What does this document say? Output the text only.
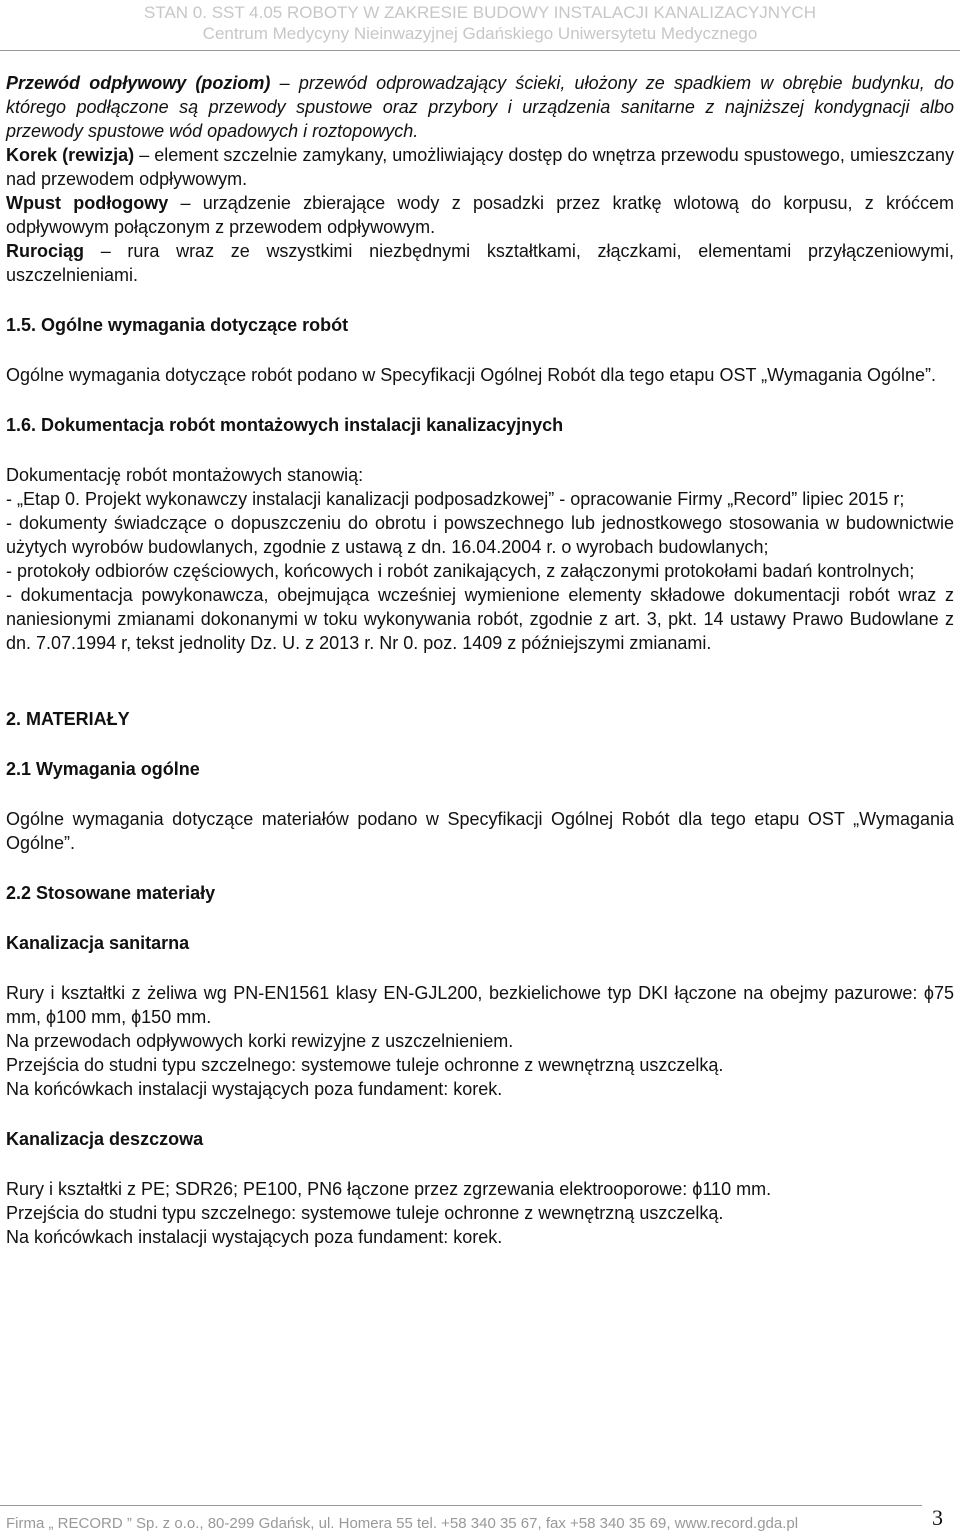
STAN 0. SST 4.05 ROBOTY W ZAKRESIE BUDOWY INSTALACJI KANALIZACYJNYCH
Centrum Medycyny Nieinwazyjnej Gdańskiego Uniwersytetu Medycznego

Przewód odpływowy (poziom) – przewód odprowadzający ścieki, ułożony ze spadkiem w obrębie budynku, do którego podłączone są przewody spustowe oraz przybory i urządzenia sanitarne z najniższej kondygnacji albo przewody spustowe wód opadowych i roztopowych.

Korek (rewizja) – element szczelnie zamykany, umożliwiający dostęp do wnętrza przewodu spustowego, umieszczany nad przewodem odpływowym.

Wpust podłogowy – urządzenie zbierające wody z posadzki przez kratkę wlotową do korpusu, z króćcem odpływowym połączonym z przewodem odpływowym.

Rurociąg – rura wraz ze wszystkimi niezbędnymi kształtkami, złączkami, elementami przyłączeniowymi, uszczelnieniami.

1.5. Ogólne wymagania dotyczące robót

Ogólne wymagania dotyczące robót podano w Specyfikacji Ogólnej Robót dla tego etapu OST „Wymagania Ogólne”.

1.6. Dokumentacja robót montażowych instalacji kanalizacyjnych

Dokumentację robót montażowych stanowią:

- „Etap 0. Projekt wykonawczy instalacji kanalizacji podposadzkowej” - opracowanie Firmy „Record” lipiec 2015 r;

- dokumenty świadczące o dopuszczeniu do obrotu i powszechnego lub jednostkowego stosowania w budownictwie użytych wyrobów budowlanych, zgodnie z ustawą z dn. 16.04.2004 r. o wyrobach budowlanych;

- protokoły odbiorów częściowych, końcowych i robót zanikających, z załączonymi protokołami badań kontrolnych;

- dokumentacja powykonawcza, obejmująca wcześniej wymienione elementy składowe dokumentacji robót wraz z naniesionymi zmianami dokonanymi w toku wykonywania robót, zgodnie z art. 3, pkt. 14 ustawy Prawo Budowlane z dn. 7.07.1994 r, tekst jednolity Dz. U. z 2013 r. Nr 0. poz. 1409 z późniejszymi zmianami.

2. MATERIAŁY

2.1 Wymagania ogólne

Ogólne wymagania dotyczące materiałów podano w Specyfikacji Ogólnej Robót dla tego etapu OST „Wymagania Ogólne”.

2.2 Stosowane materiały

Kanalizacja sanitarna

Rury i kształtki z żeliwa wg PN-EN1561 klasy EN-GJL200, bezkielichowe typ DKI łączone na obejmy pazurowe: ϕ75 mm, ϕ100 mm, ϕ150 mm.

Na przewodach odpływowych korki rewizyjne z uszczelnieniem.

Przejścia do studni typu szczelnego: systemowe tuleje ochronne z wewnętrzną uszczelką.

Na końcówkach instalacji wystających poza fundament: korek.

Kanalizacja deszczowa

Rury i kształtki z PE; SDR26; PE100, PN6 łączone przez zgrzewania elektrooporowe: ϕ110 mm.

Przejścia do studni typu szczelnego: systemowe tuleje ochronne z wewnętrzną uszczelką.

Na końcówkach instalacji wystających poza fundament: korek.

Firma „ RECORD ” Sp. z o.o., 80-299 Gdańsk, ul. Homera 55 tel. +58 340 35 67, fax +58 340 35 69, www.record.gda.pl	3
